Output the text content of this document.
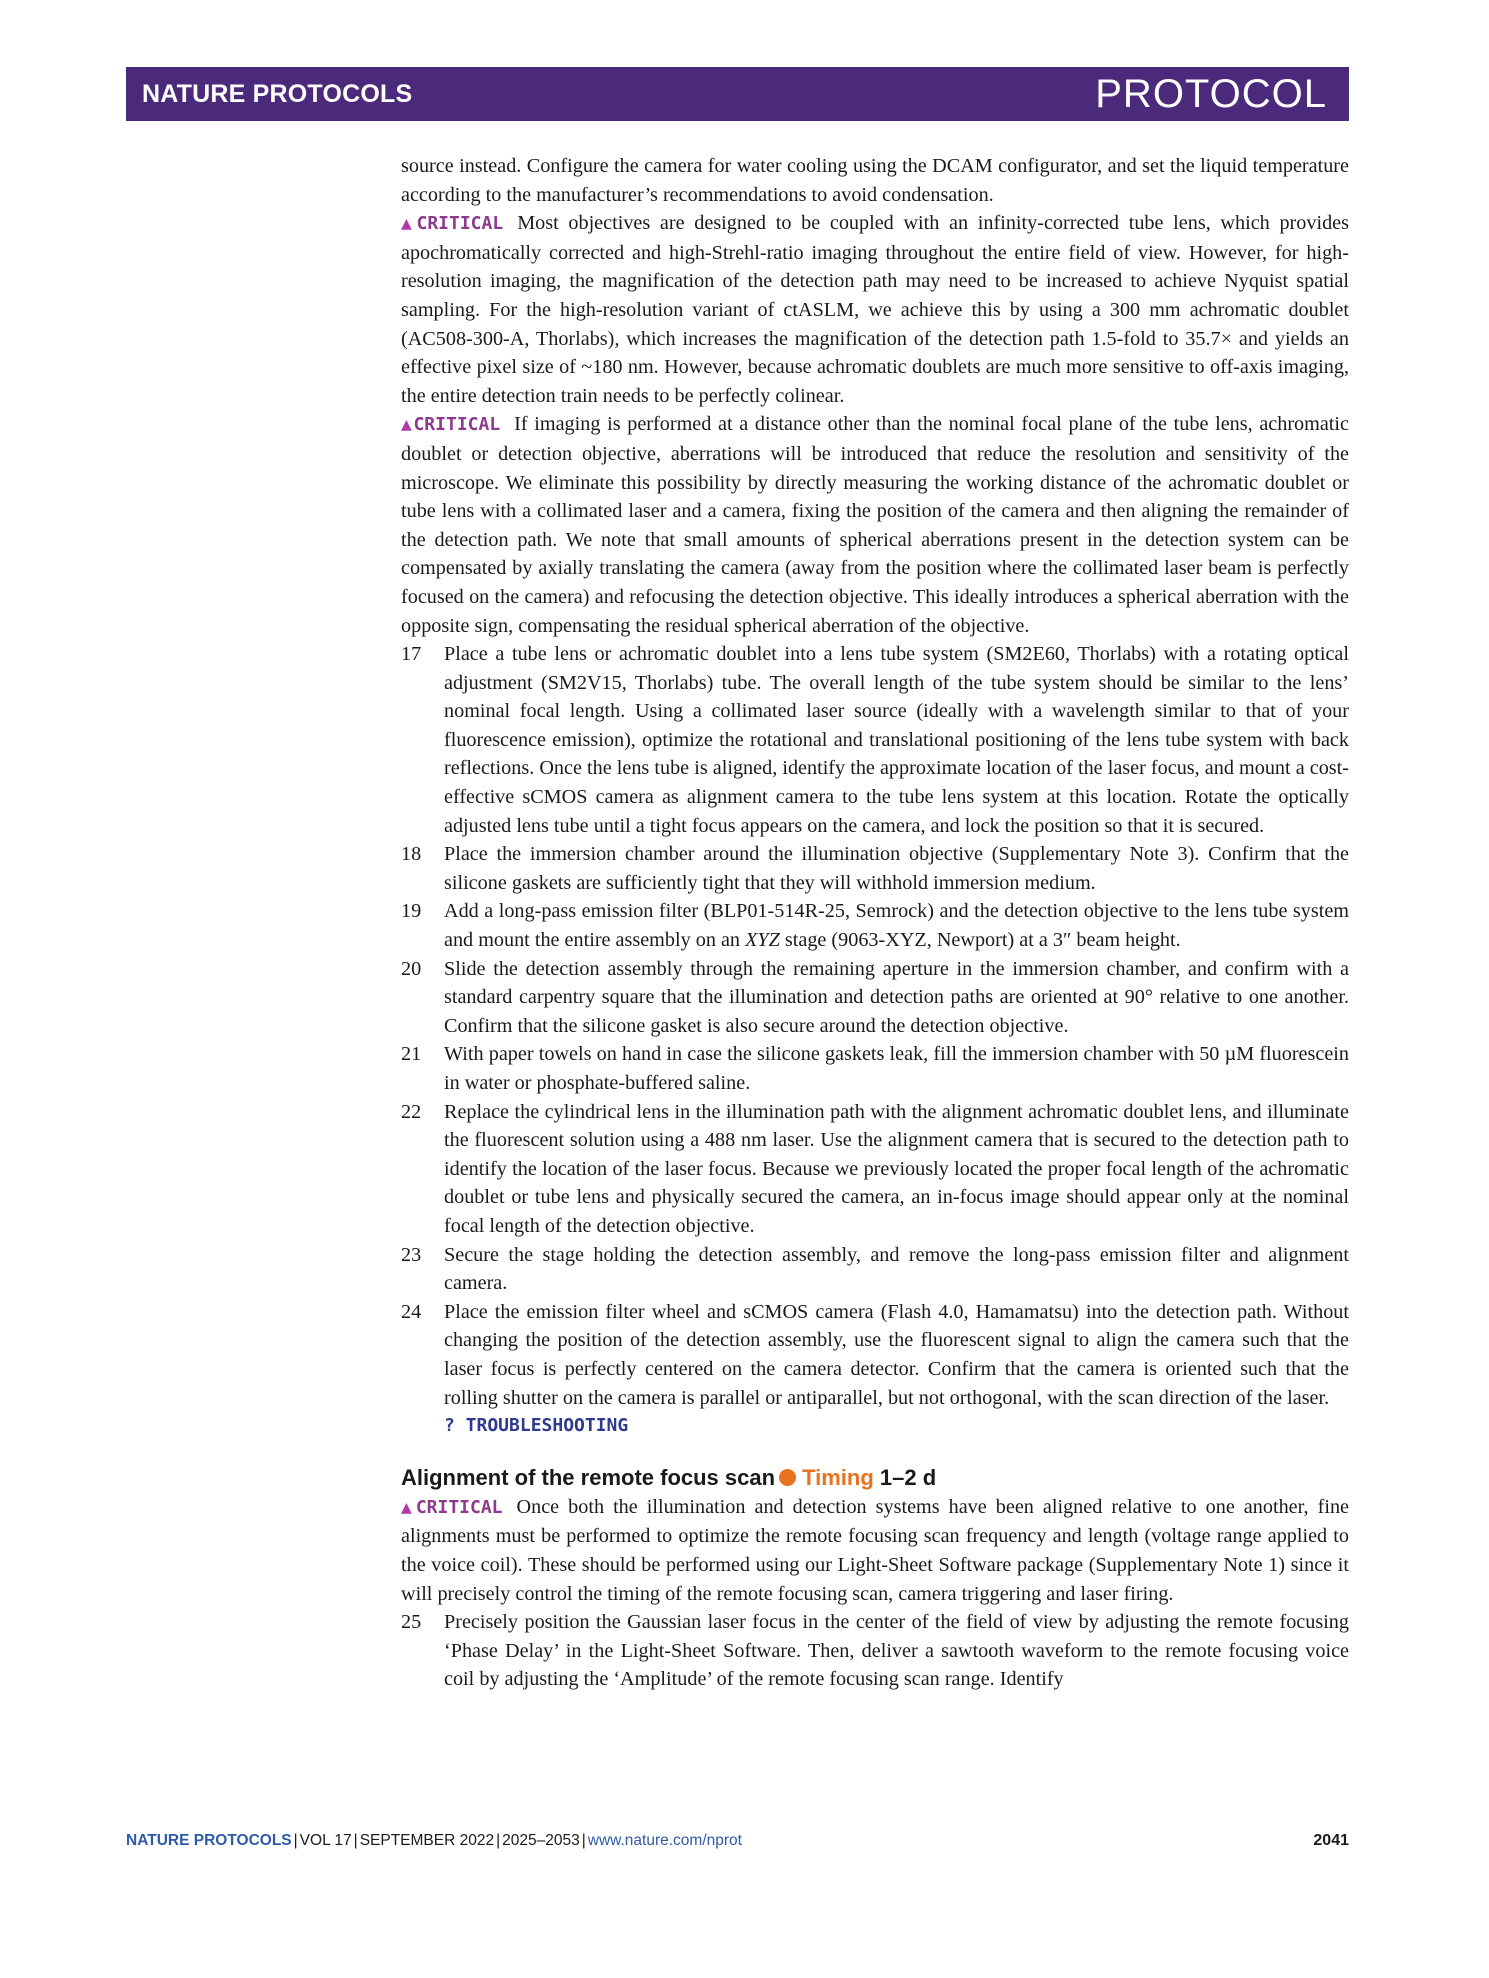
NATURE PROTOCOLS	PROTOCOL

source instead. Configure the camera for water cooling using the DCAM configurator, and set the liquid temperature according to the manufacturer’s recommendations to avoid condensation.

▲CRITICAL Most objectives are designed to be coupled with an infinity-corrected tube lens, which provides apochromatically corrected and high-Strehl-ratio imaging throughout the entire field of view. However, for high-resolution imaging, the magnification of the detection path may need to be increased to achieve Nyquist spatial sampling. For the high-resolution variant of ctASLM, we achieve this by using a 300 mm achromatic doublet (AC508-300-A, Thorlabs), which increases the magnification of the detection path 1.5-fold to 35.7× and yields an effective pixel size of ~180 nm. However, because achromatic doublets are much more sensitive to off-axis imaging, the entire detection train needs to be perfectly colinear.

▲CRITICAL If imaging is performed at a distance other than the nominal focal plane of the tube lens, achromatic doublet or detection objective, aberrations will be introduced that reduce the resolution and sensitivity of the microscope. We eliminate this possibility by directly measuring the working distance of the achromatic doublet or tube lens with a collimated laser and a camera, fixing the position of the camera and then aligning the remainder of the detection path. We note that small amounts of spherical aberrations present in the detection system can be compensated by axially translating the camera (away from the position where the collimated laser beam is perfectly focused on the camera) and refocusing the detection objective. This ideally introduces a spherical aberration with the opposite sign, compensating the residual spherical aberration of the objective.

17 Place a tube lens or achromatic doublet into a lens tube system (SM2E60, Thorlabs) with a rotating optical adjustment (SM2V15, Thorlabs) tube. The overall length of the tube system should be similar to the lens’ nominal focal length. Using a collimated laser source (ideally with a wavelength similar to that of your fluorescence emission), optimize the rotational and translational positioning of the lens tube system with back reflections. Once the lens tube is aligned, identify the approximate location of the laser focus, and mount a cost-effective sCMOS camera as alignment camera to the tube lens system at this location. Rotate the optically adjusted lens tube until a tight focus appears on the camera, and lock the position so that it is secured.
18 Place the immersion chamber around the illumination objective (Supplementary Note 3). Confirm that the silicone gaskets are sufficiently tight that they will withhold immersion medium.
19 Add a long-pass emission filter (BLP01-514R-25, Semrock) and the detection objective to the lens tube system and mount the entire assembly on an XYZ stage (9063-XYZ, Newport) at a 3″ beam height.
20 Slide the detection assembly through the remaining aperture in the immersion chamber, and confirm with a standard carpentry square that the illumination and detection paths are oriented at 90° relative to one another. Confirm that the silicone gasket is also secure around the detection objective.
21 With paper towels on hand in case the silicone gaskets leak, fill the immersion chamber with 50 µM fluorescein in water or phosphate-buffered saline.
22 Replace the cylindrical lens in the illumination path with the alignment achromatic doublet lens, and illuminate the fluorescent solution using a 488 nm laser. Use the alignment camera that is secured to the detection path to identify the location of the laser focus. Because we previously located the proper focal length of the achromatic doublet or tube lens and physically secured the camera, an in-focus image should appear only at the nominal focal length of the detection objective.
23 Secure the stage holding the detection assembly, and remove the long-pass emission filter and alignment camera.
24 Place the emission filter wheel and sCMOS camera (Flash 4.0, Hamamatsu) into the detection path. Without changing the position of the detection assembly, use the fluorescent signal to align the camera such that the laser focus is perfectly centered on the camera detector. Confirm that the camera is oriented such that the rolling shutter on the camera is parallel or antiparallel, but not orthogonal, with the scan direction of the laser.
? TROUBLESHOOTING
Alignment of the remote focus scan Timing 1–2 d

▲CRITICAL Once both the illumination and detection systems have been aligned relative to one another, fine alignments must be performed to optimize the remote focusing scan frequency and length (voltage range applied to the voice coil). These should be performed using our Light-Sheet Software package (Supplementary Note 1) since it will precisely control the timing of the remote focusing scan, camera triggering and laser firing.

25 Precisely position the Gaussian laser focus in the center of the field of view by adjusting the remote focusing ‘Phase Delay’ in the Light-Sheet Software. Then, deliver a sawtooth waveform to the remote focusing voice coil by adjusting the ‘Amplitude’ of the remote focusing scan range. Identify
NATURE PROTOCOLS | VOL 17 | SEPTEMBER 2022 | 2025–2053 | www.nature.com/nprot	2041
